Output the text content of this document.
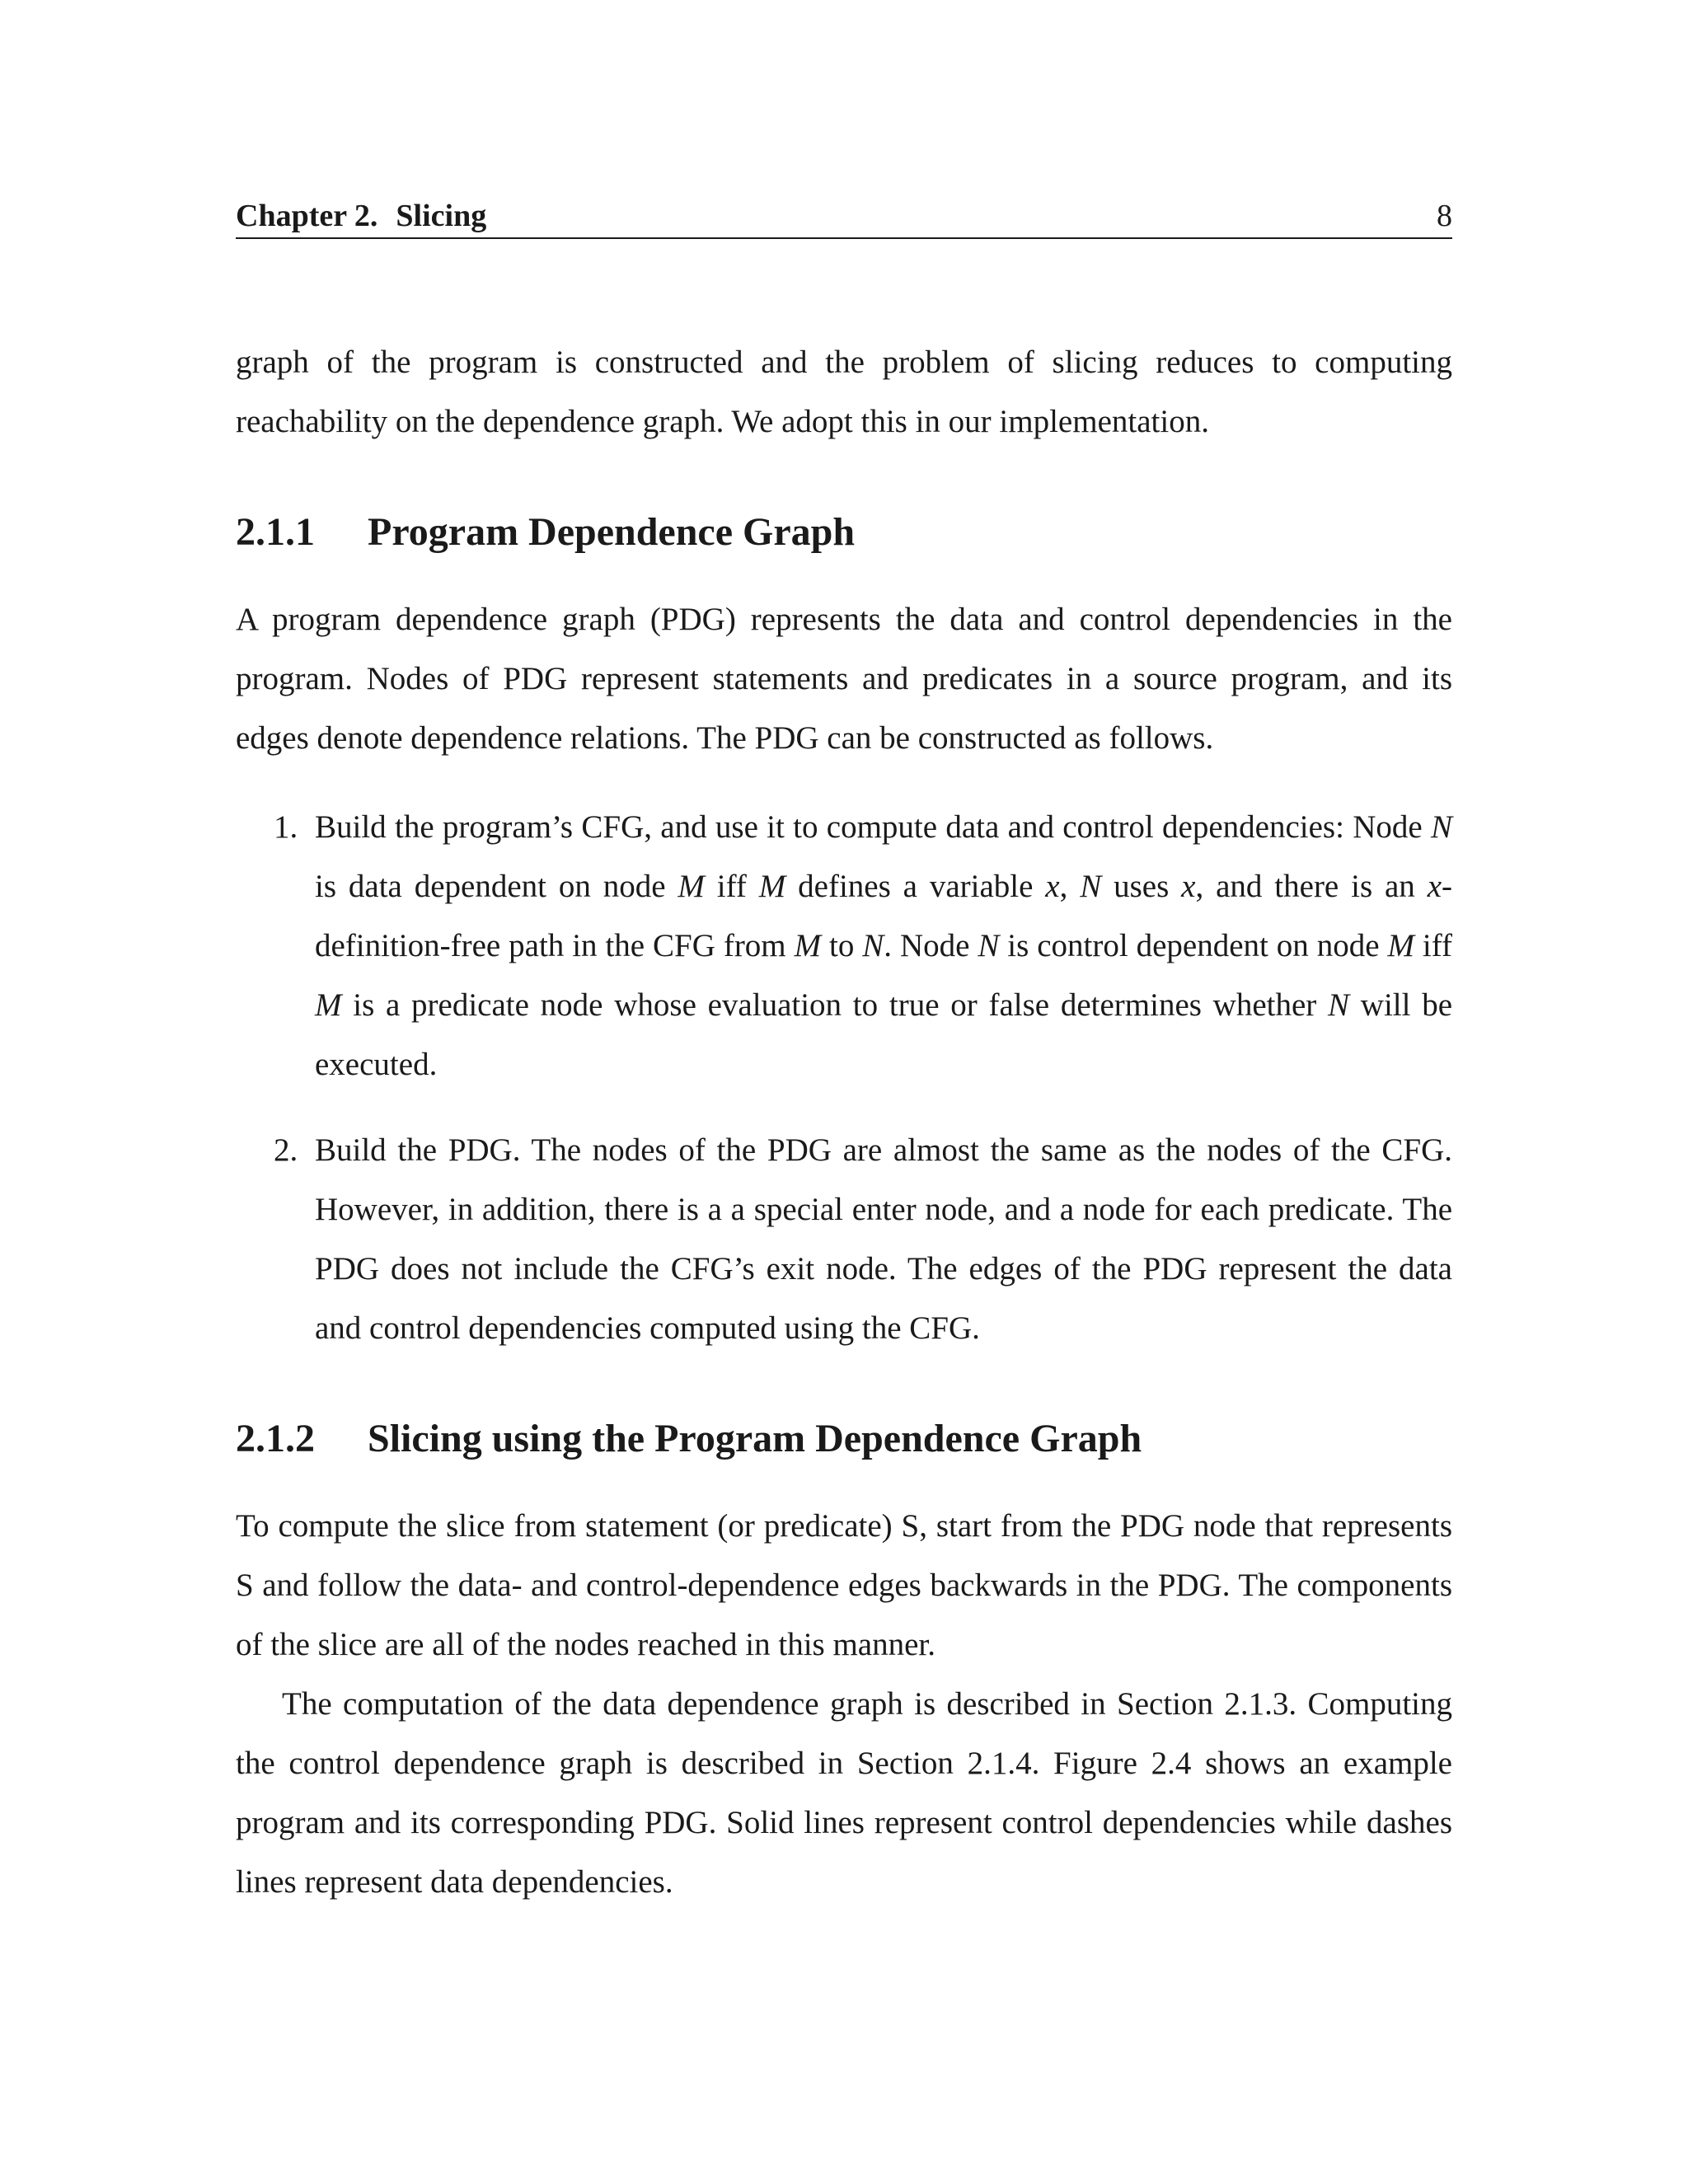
Chapter 2. Slicing	8

graph of the program is constructed and the problem of slicing reduces to computing reachability on the dependence graph. We adopt this in our implementation.

2.1.1 Program Dependence Graph

A program dependence graph (PDG) represents the data and control dependencies in the program. Nodes of PDG represent statements and predicates in a source program, and its edges denote dependence relations. The PDG can be constructed as follows.

1. Build the program’s CFG, and use it to compute data and control dependencies: Node N is data dependent on node M iff M defines a variable x, N uses x, and there is an x-definition-free path in the CFG from M to N. Node N is control dependent on node M iff M is a predicate node whose evaluation to true or false determines whether N will be executed.
2. Build the PDG. The nodes of the PDG are almost the same as the nodes of the CFG. However, in addition, there is a a special enter node, and a node for each predicate. The PDG does not include the CFG’s exit node. The edges of the PDG represent the data and control dependencies computed using the CFG.
2.1.2 Slicing using the Program Dependence Graph

To compute the slice from statement (or predicate) S, start from the PDG node that represents S and follow the data- and control-dependence edges backwards in the PDG. The components of the slice are all of the nodes reached in this manner.

The computation of the data dependence graph is described in Section 2.1.3. Computing the control dependence graph is described in Section 2.1.4. Figure 2.4 shows an example program and its corresponding PDG. Solid lines represent control dependencies while dashes lines represent data dependencies.
